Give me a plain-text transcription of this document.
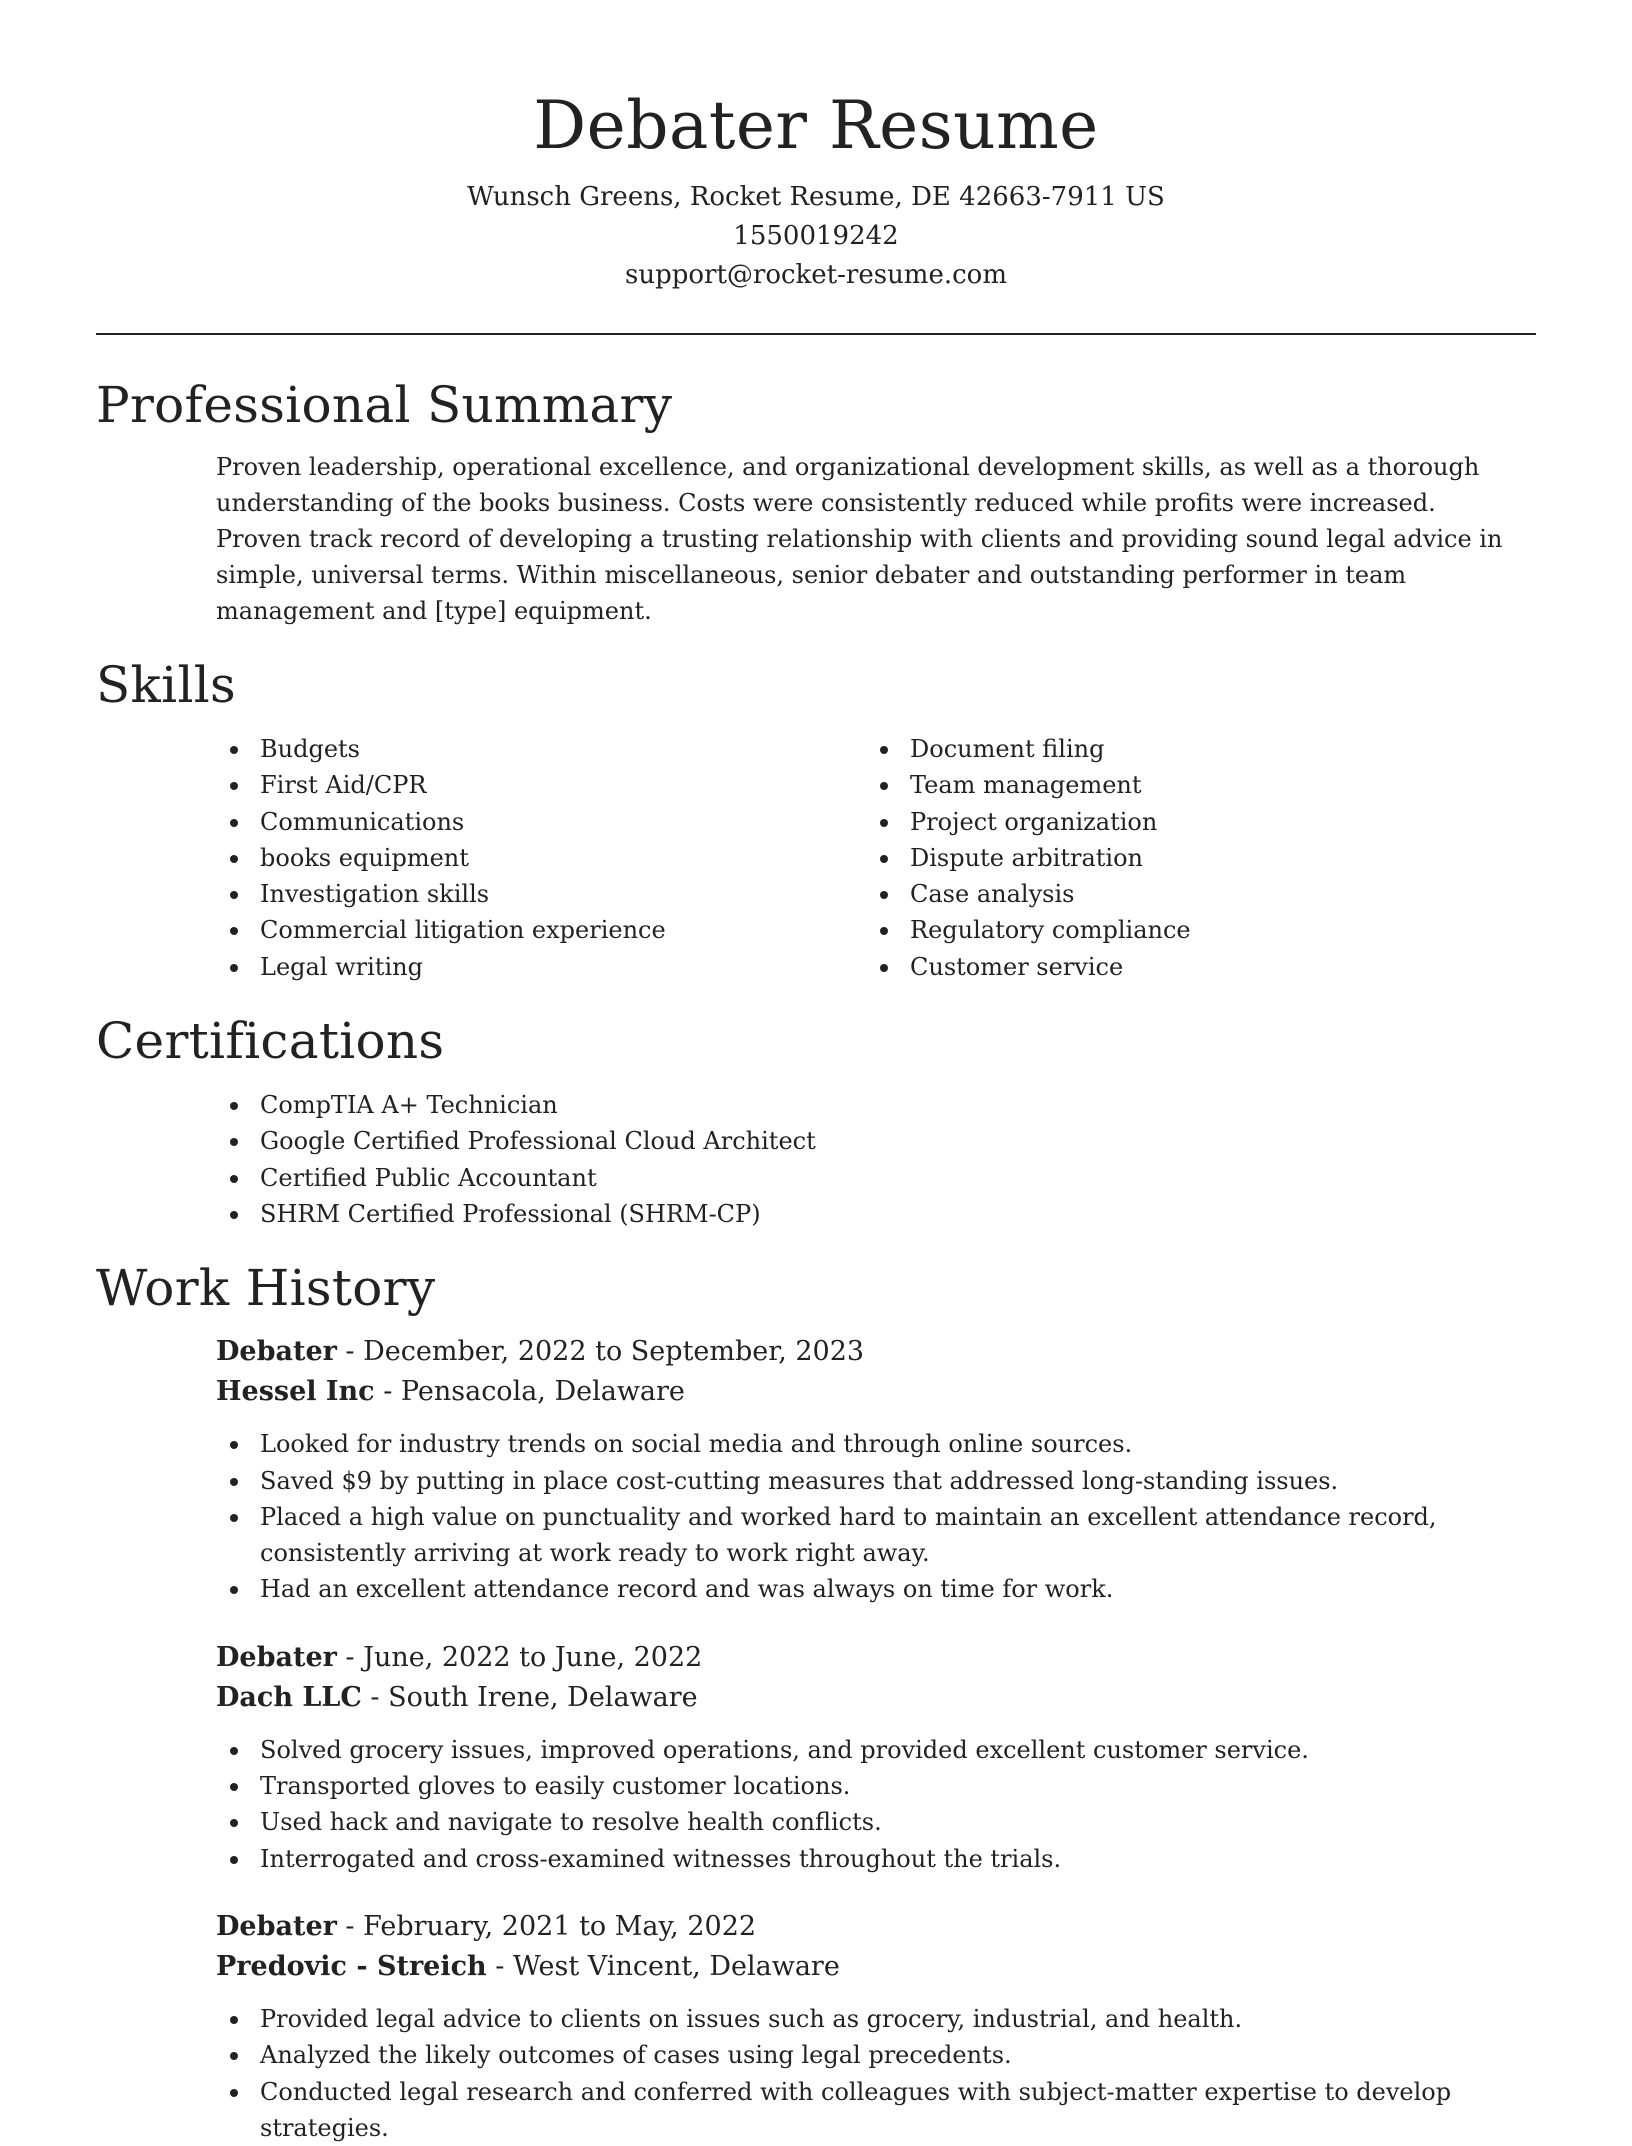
Debater Resume
Wunsch Greens, Rocket Resume, DE 42663-7911 US
1550019242
support@rocket-resume.com
Professional Summary

Proven leadership, operational excellence, and organizational development skills, as well as a thorough understanding of the books business. Costs were consistently reduced while profits were increased. Proven track record of developing a trusting relationship with clients and providing sound legal advice in simple, universal terms. Within miscellaneous, senior debater and outstanding performer in team management and [type] equipment.

Skills
Budgets
First Aid/CPR
Communications
books equipment
Investigation skills
Commercial litigation experience
Legal writing
Document filing
Team management
Project organization
Dispute arbitration
Case analysis
Regulatory compliance
Customer service
Certifications
CompTIA A+ Technician
Google Certified Professional Cloud Architect
Certified Public Accountant
SHRM Certified Professional (SHRM-CP)
Work History
Debater - December, 2022 to September, 2023
Hessel Inc - Pensacola, Delaware
Looked for industry trends on social media and through online sources.
Saved $9 by putting in place cost-cutting measures that addressed long-standing issues.
Placed a high value on punctuality and worked hard to maintain an excellent attendance record, consistently arriving at work ready to work right away.
Had an excellent attendance record and was always on time for work.
Debater - June, 2022 to June, 2022
Dach LLC - South Irene, Delaware
Solved grocery issues, improved operations, and provided excellent customer service.
Transported gloves to easily customer locations.
Used hack and navigate to resolve health conflicts.
Interrogated and cross-examined witnesses throughout the trials.
Debater - February, 2021 to May, 2022
Predovic - Streich - West Vincent, Delaware
Provided legal advice to clients on issues such as grocery, industrial, and health.
Analyzed the likely outcomes of cases using legal precedents.
Conducted legal research and conferred with colleagues with subject-matter expertise to develop strategies.
